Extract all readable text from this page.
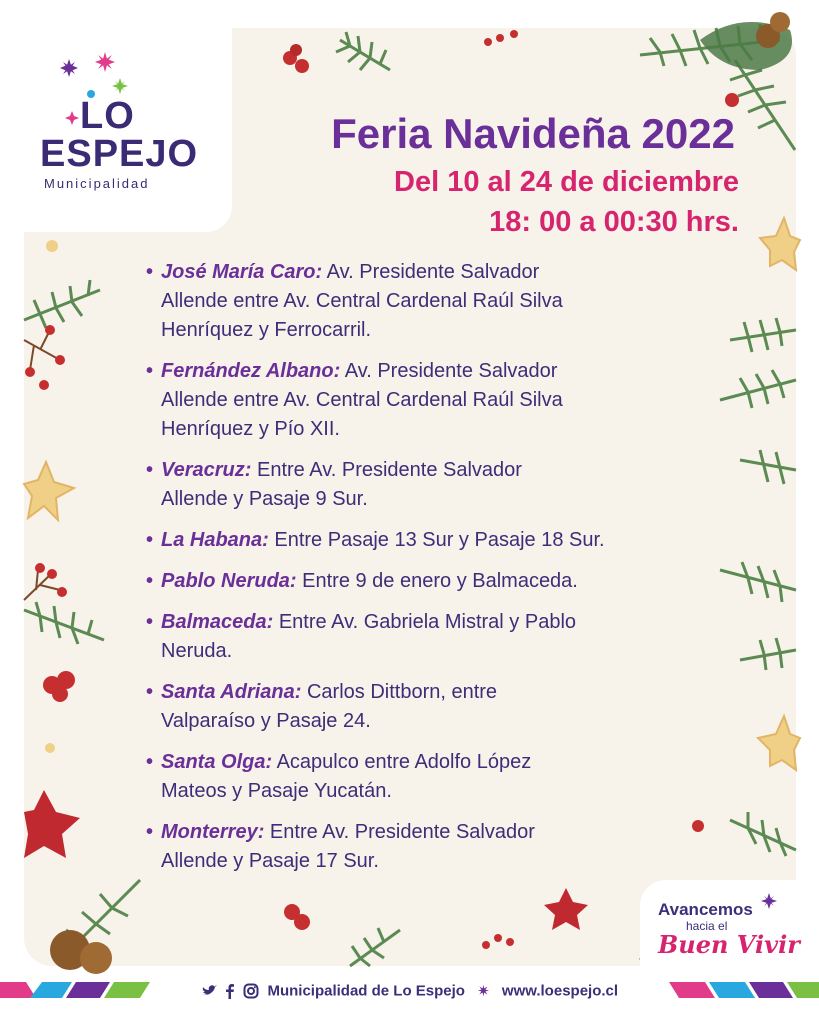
LO
ESPEJO
Municipalidad
Feria Navideña 2022
Del 10 al 24 de diciembre
18: 00 a 00:30 hrs.
• José María Caro: Av. Presidente Salvador
Allende entre Av. Central Cardenal Raúl Silva
Henríquez y Ferrocarril.
• Fernández Albano: Av. Presidente Salvador
Allende entre Av. Central Cardenal Raúl Silva
Henríquez y Pío XII.
• Veracruz: Entre Av. Presidente Salvador
Allende y Pasaje 9 Sur.
• La Habana: Entre Pasaje 13 Sur y Pasaje 18 Sur.
• Pablo Neruda: Entre 9 de enero y Balmaceda.
• Balmaceda: Entre Av. Gabriela Mistral y Pablo
Neruda.
• Santa Adriana: Carlos Dittborn, entre
Valparaíso y Pasaje 24.
• Santa Olga: Acapulco entre Adolfo López
Mateos y Pasaje Yucatán.
• Monterrey: Entre Av. Presidente Salvador
Allende y Pasaje 17 Sur.
Avancemos
hacia el
Buen Vivir
Municipalidad de Lo Espejo ✷ www.loespejo.cl
